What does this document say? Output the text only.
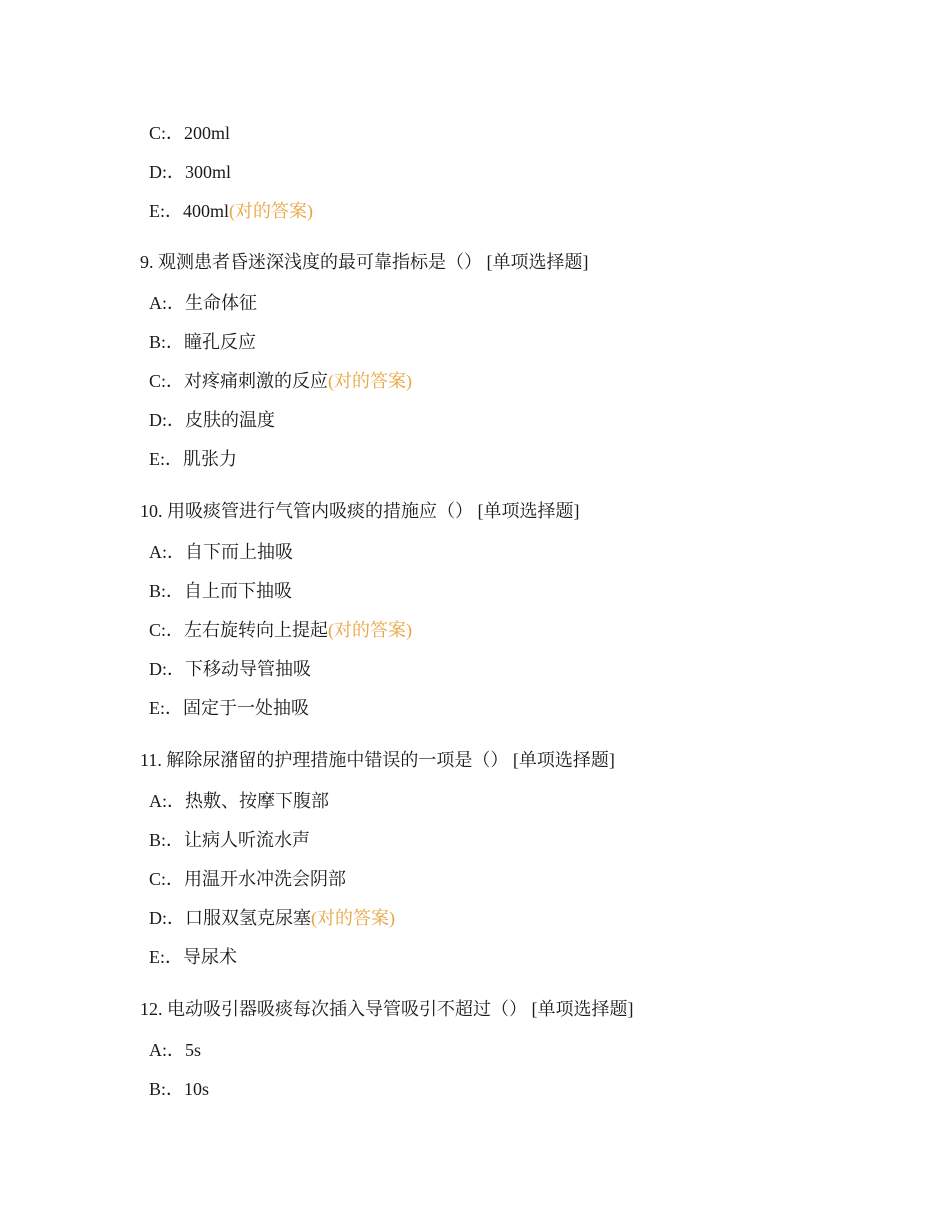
C:．200ml
D:．300ml
E:．400ml(对的答案)
9. 观测患者昏迷深浅度的最可靠指标是（） [单项选择题]
A:．生命体征
B:．瞳孔反应
C:．对疼痛刺激的反应(对的答案)
D:．皮肤的温度
E:．肌张力
10. 用吸痰管进行气管内吸痰的措施应（） [单项选择题]
A:．自下而上抽吸
B:．自上而下抽吸
C:．左右旋转向上提起(对的答案)
D:．下移动导管抽吸
E:．固定于一处抽吸
11. 解除尿潴留的护理措施中错误的一项是（） [单项选择题]
A:．热敷、按摩下腹部
B:．让病人听流水声
C:．用温开水冲洗会阴部
D:．口服双氢克尿塞(对的答案)
E:．导尿术
12. 电动吸引器吸痰每次插入导管吸引不超过（） [单项选择题]
A:．5s
B:．10s
